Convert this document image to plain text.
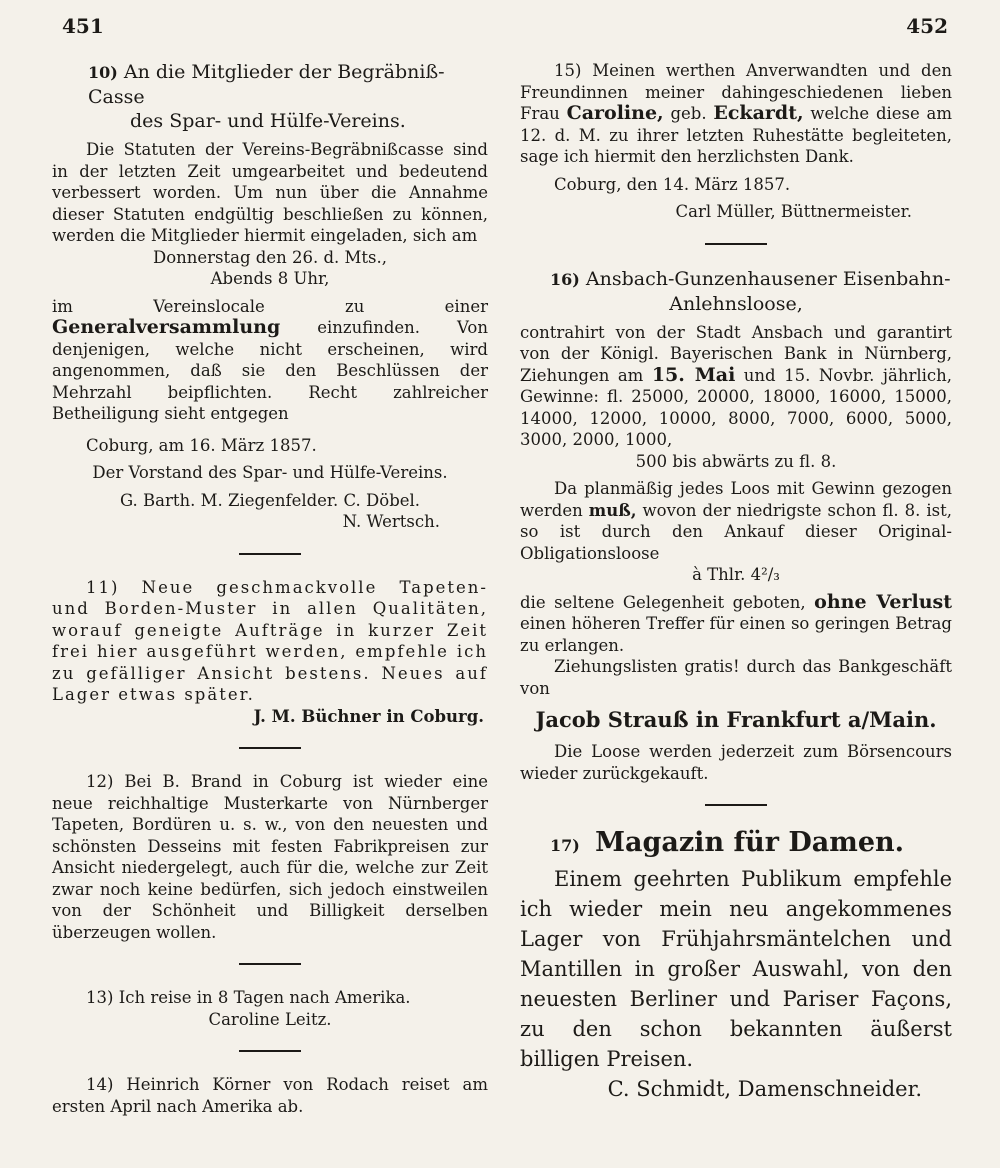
451	452
10) An die Mitglieder der Begräbniß-Casse
des Spar- und Hülfe-Vereins.

Die Statuten der Vereins-Begräbnißcasse sind in der letzten Zeit umgearbeitet und bedeutend verbessert worden. Um nun über die Annahme dieser Statuten endgültig beschließen zu können, werden die Mitglieder hiermit eingeladen, sich am

Donnerstag den 26. d. Mts.,
Abends 8 Uhr,

im Vereinslocale zu einer Generalversammlung einzufinden. Von denjenigen, welche nicht erscheinen, wird angenommen, daß sie den Beschlüssen der Mehrzahl beipflichten. Recht zahlreicher Betheiligung sieht entgegen

Coburg, am 16. März 1857.
Der Vorstand des Spar- und Hülfe-Vereins.
G. Barth. M. Ziegenfelder. C. Döbel.
N. Wertsch.

11) Neue geschmackvolle Tapeten- und Borden-Muster in allen Qualitäten, worauf geneigte Aufträge in kurzer Zeit frei hier ausgeführt werden, empfehle ich zu gefälliger Ansicht bestens. Neues auf Lager etwas später.

J. M. Büchner in Coburg.

12) Bei B. Brand in Coburg ist wieder eine neue reichhaltige Musterkarte von Nürnberger Tapeten, Bordüren u. s. w., von den neuesten und schönsten Desseins mit festen Fabrikpreisen zur Ansicht niedergelegt, auch für die, welche zur Zeit zwar noch keine bedürfen, sich jedoch einstweilen von der Schönheit und Billigkeit derselben überzeugen wollen.

13) Ich reise in 8 Tagen nach Amerika.

Caroline Leitz.

14) Heinrich Körner von Rodach reiset am ersten April nach Amerika ab.

15) Meinen werthen Anverwandten und den Freundinnen meiner dahingeschiedenen lieben Frau Caroline, geb. Eckardt, welche diese am 12. d. M. zu ihrer letzten Ruhestätte begleiteten, sage ich hiermit den herzlichsten Dank.

Coburg, den 14. März 1857.
Carl Müller, Büttnermeister.
16) Ansbach-Gunzenhausener Eisenbahn-
Anlehnsloose,

contrahirt von der Stadt Ansbach und garantirt von der Königl. Bayerischen Bank in Nürnberg, Ziehungen am 15. Mai und 15. Novbr. jährlich, Gewinne: fl. 25000, 20000, 18000, 16000, 15000, 14000, 12000, 10000, 8000, 7000, 6000, 5000, 3000, 2000, 1000,

500 bis abwärts zu fl. 8.

Da planmäßig jedes Loos mit Gewinn gezogen werden muß, wovon der niedrigste schon fl. 8. ist, so ist durch den Ankauf dieser Original-Obligationsloose

à Thlr. 4²/₃

die seltene Gelegenheit geboten, ohne Verlust einen höheren Treffer für einen so geringen Betrag zu erlangen.

Ziehungslisten gratis! durch das Bankgeschäft von

Jacob Strauß in Frankfurt a/Main.

Die Loose werden jederzeit zum Börsencours wieder zurückgekauft.

17) Magazin für Damen.

Einem geehrten Publikum empfehle ich wieder mein neu angekommenes Lager von Frühjahrsmäntelchen und Mantillen in großer Auswahl, von den neuesten Berliner und Pariser Façons, zu den schon bekannten äußerst billigen Preisen.

C. Schmidt, Damenschneider.
